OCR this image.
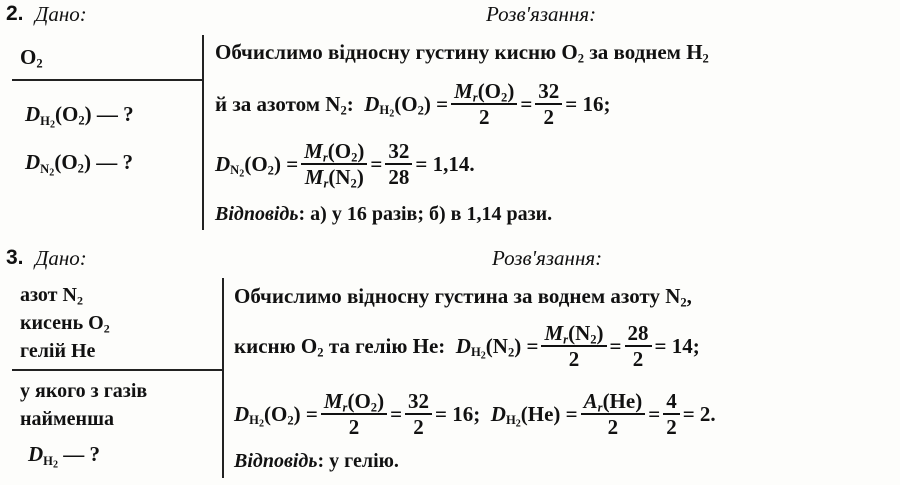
2. Дано:	Розв'язання:
$O_2$
$D_{H_2}(O_2)$ — ?
$D_{N_2}(O_2)$ — ?
Обчислимо відносну густину кисню $O_2$ за воднем $H_2$
й за азотом $N_2$: $D_{H_2}(O_2) = \frac{M_r(O_2)}{2} = \frac{32}{2} = 16$;
$D_{N_2}(O_2) = \frac{M_r(O_2)}{M_r(N_2)} = \frac{32}{28} = 1,14$.
Відповідь: а) у 16 разів; б) в 1,14 рази.
3. Дано:	Розв'язання:
азот $N_2$
кисень $O_2$
гелій He
у якого з газів
найменша
$D_{H_2}$ — ?
Обчислимо відносну густина за воднем азоту $N_2$,
кисню $O_2$ та гелію He: $D_{H_2}(N_2) = \frac{M_r(N_2)}{2} = \frac{28}{2} = 14$;
$D_{H_2}(O_2) = \frac{M_r(O_2)}{2} = \frac{32}{2} = 16$;
$D_{H_2}(He) = \frac{A_r(He)}{2} = \frac{4}{2} = 2$.
Відповідь: у гелію.
